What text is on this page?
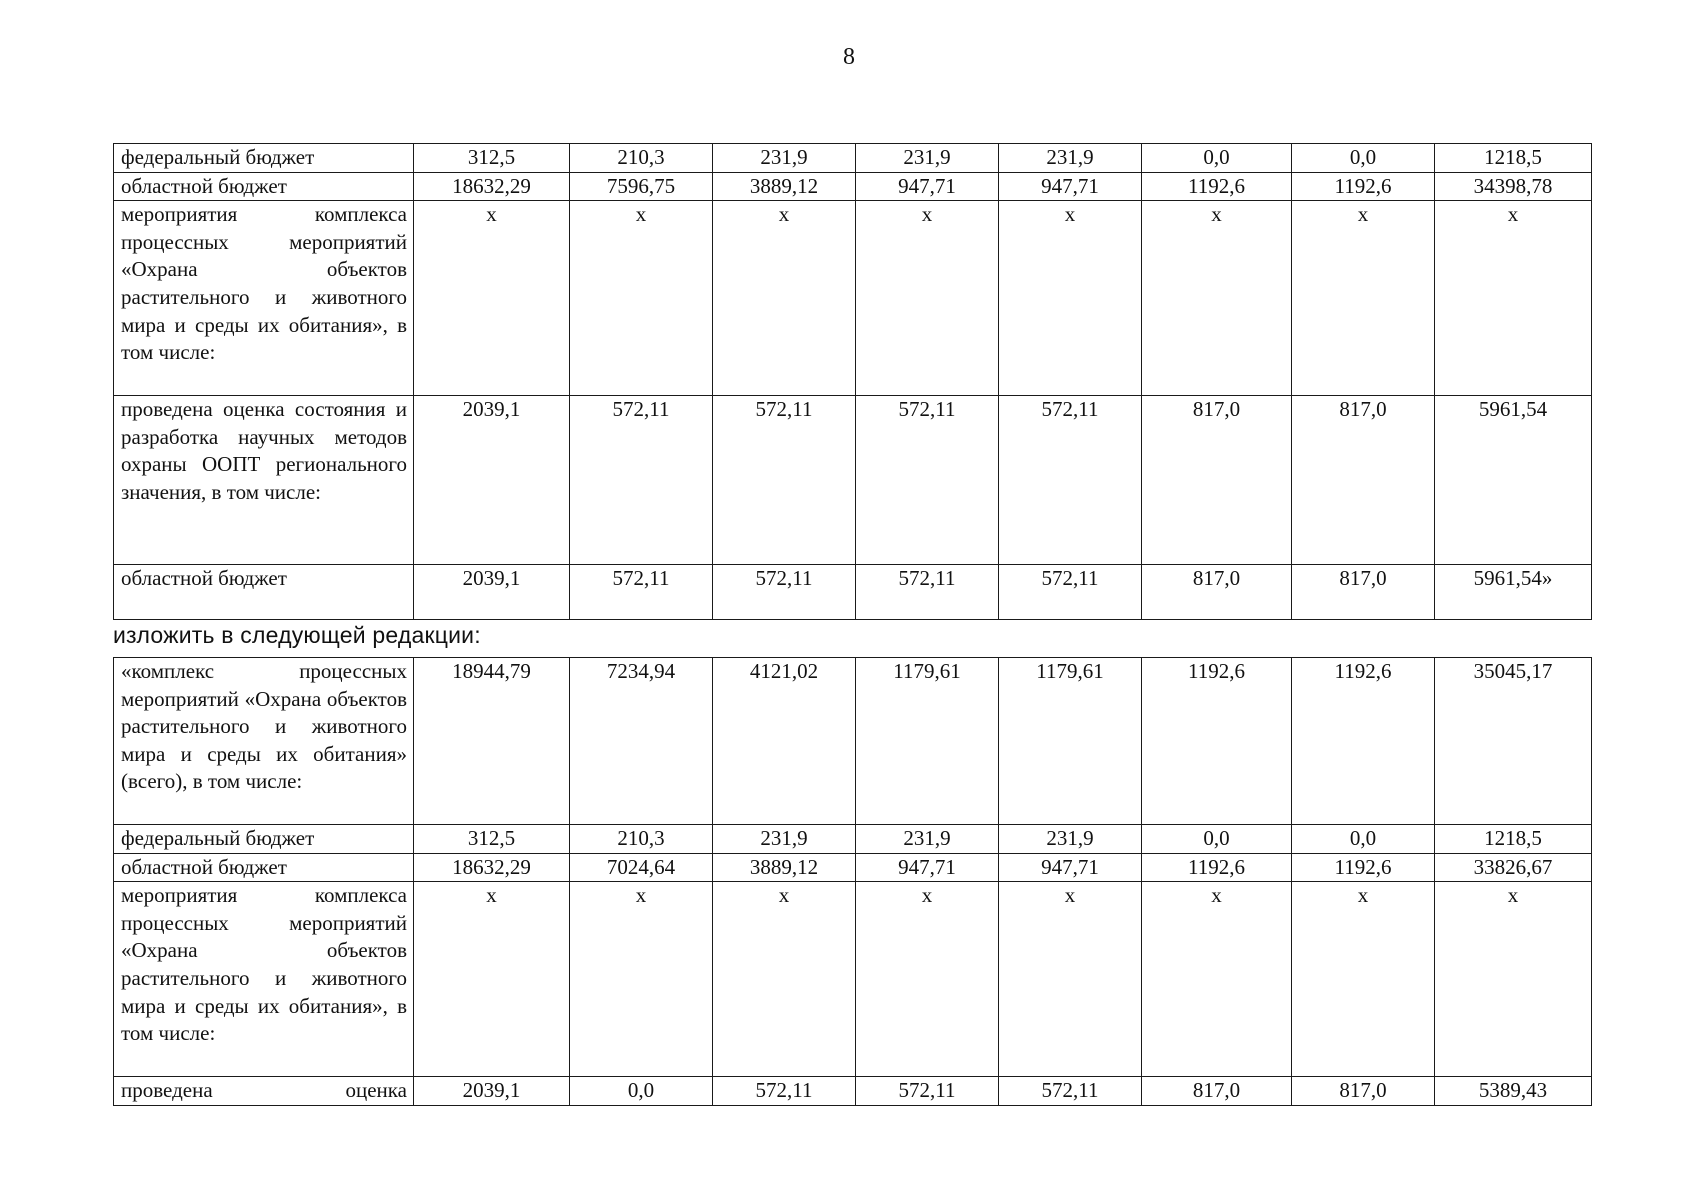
8
федеральный бюджет	312,5	210,3	231,9	231,9	231,9	0,0	0,0	1218,5
областной бюджет	18632,29	7596,75	3889,12	947,71	947,71	1192,6	1192,6	34398,78
мероприятия комплекса процессных мероприятий «Охрана объектов растительного и животного мира и среды их обитания», в том числе:	x	x	x	x	x	x	x	x
проведена оценка состояния и разработка научных методов охраны ООПТ регионального значения, в том числе:	2039,1	572,11	572,11	572,11	572,11	817,0	817,0	5961,54
областной бюджет	2039,1	572,11	572,11	572,11	572,11	817,0	817,0	5961,54»
изложить в следующей редакции:
«комплекс процессных мероприятий «Охрана объектов растительного и животного мира и среды их обитания» (всего), в том числе:	18944,79	7234,94	4121,02	1179,61	1179,61	1192,6	1192,6	35045,17
федеральный бюджет	312,5	210,3	231,9	231,9	231,9	0,0	0,0	1218,5
областной бюджет	18632,29	7024,64	3889,12	947,71	947,71	1192,6	1192,6	33826,67
мероприятия комплекса процессных мероприятий «Охрана объектов растительного и животного мира и среды их обитания», в том числе:	x	x	x	x	x	x	x	x
проведена оценка	2039,1	0,0	572,11	572,11	572,11	817,0	817,0	5389,43
